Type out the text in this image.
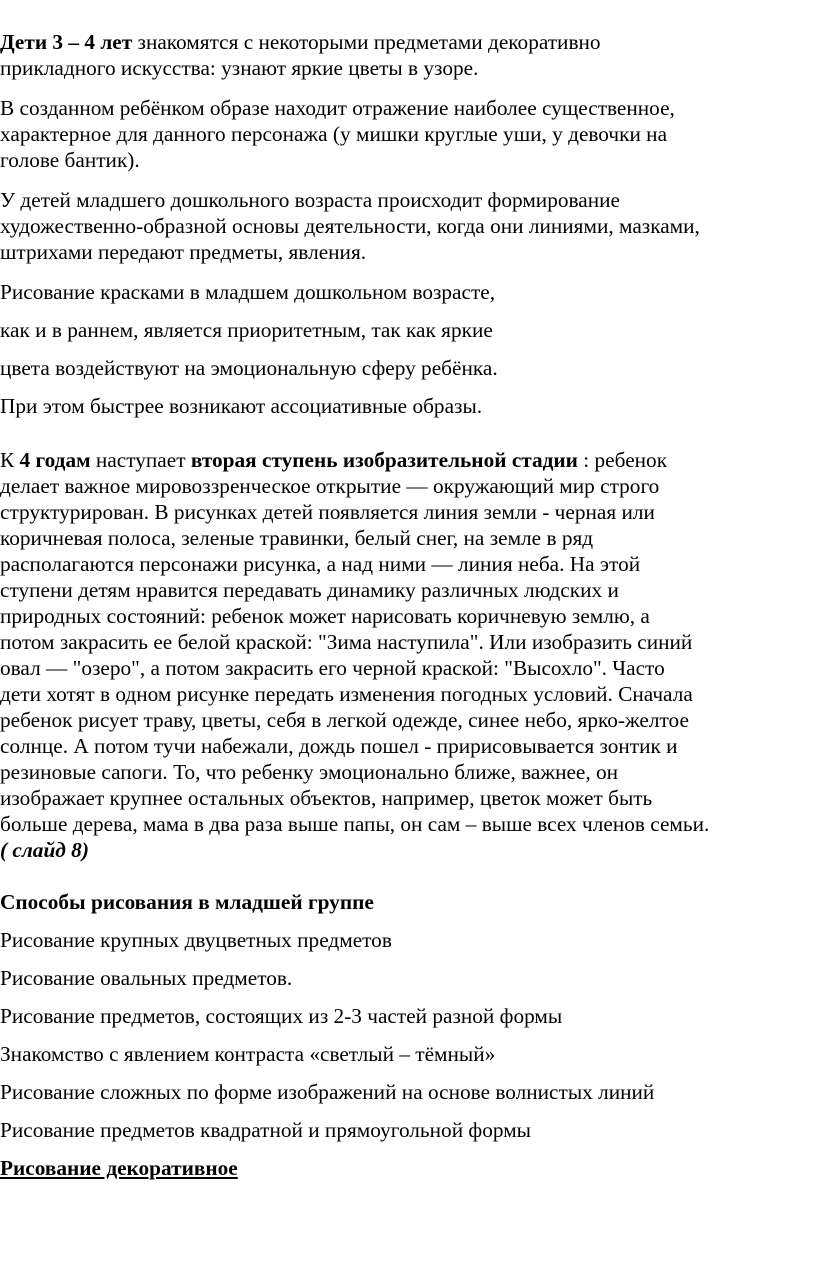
Дети 3 – 4 лет знакомятся с некоторыми предметами декоративно

прикладного искусства: узнают яркие цветы в узоре.

В созданном ребёнком образе находит отражение наиболее существенное,

характерное для данного персонажа (у мишки круглые уши, у девочки на

голове бантик).

У детей младшего дошкольного возраста происходит формирование

художественно-образной основы деятельности, когда они линиями, мазками,

штрихами передают предметы, явления.

Рисование красками в младшем дошкольном возрасте,

как и в раннем, является приоритетным, так как яркие

цвета воздействуют на эмоциональную сферу ребёнка.

При этом быстрее возникают ассоциативные образы.

К 4 годам наступает вторая ступень изобразительной стадии : ребенок

делает важное мировоззренческое открытие — окружающий мир строго

структурирован. В рисунках детей появляется линия земли - черная или

коричневая полоса, зеленые травинки, белый снег, на земле в ряд

располагаются персонажи рисунка, а над ними — линия неба. На этой

ступени детям нравится передавать динамику различных людских и

природных состояний: ребенок может нарисовать коричневую землю, а

потом закрасить ее белой краской: "Зима наступила". Или изобразить синий

овал — "озеро", а потом закрасить его черной краской: "Высохло". Часто

дети хотят в одном рисунке передать изменения погодных условий. Сначала

ребенок рисует траву, цветы, себя в легкой одежде, синее небо, ярко-желтое

солнце. А потом тучи набежали, дождь пошел - пририсовывается зонтик и

резиновые сапоги. То, что ребенку эмоционально ближе, важнее, он

изображает крупнее остальных объектов, например, цветок может быть

больше дерева, мама в два раза выше папы, он сам – выше всех членов семьи.

( слайд 8)

Способы рисования в младшей группе

Рисование крупных двуцветных предметов

Рисование овальных предметов.

Рисование предметов, состоящих из 2-3 частей разной формы

Знакомство с явлением контраста «светлый – тёмный»

Рисование сложных по форме изображений на основе волнистых линий

Рисование предметов квадратной и прямоугольной формы

Рисование декоративное
